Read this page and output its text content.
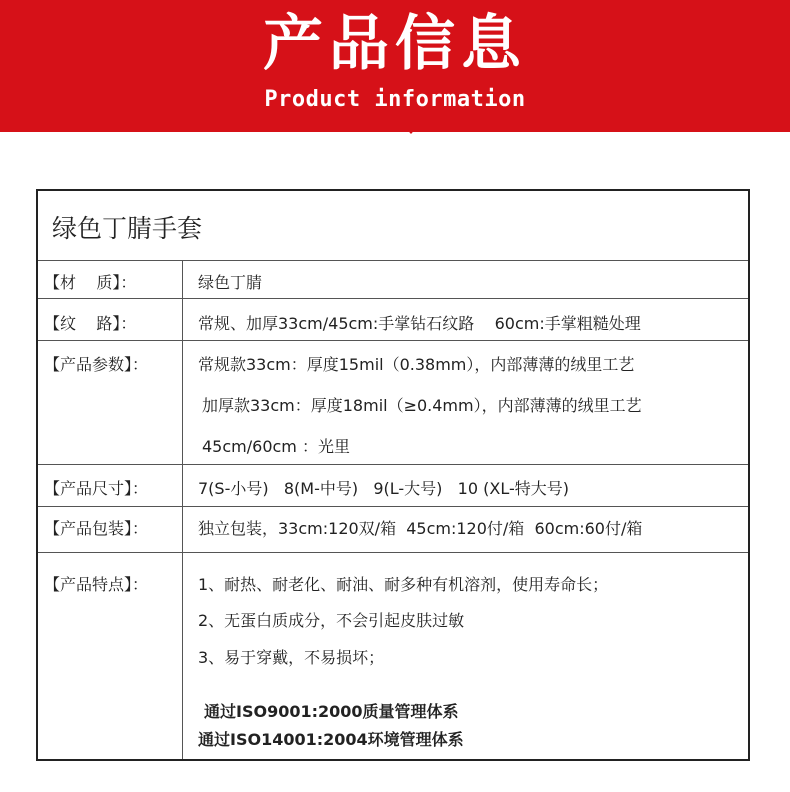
产品信息
Product information
绿色丁腈手套
【材    质】：	绿色丁腈
【纹    路】：	常规、加厚33cm/45cm:手掌钻石纹路    60cm:手掌粗糙处理
【产品参数】：	常规款33cm：厚度15mil（0.38mm），内部薄薄的绒里工艺
加厚款33cm：厚度18mil（≥0.4mm），内部薄薄的绒里工艺
45cm/60cm ：光里
【产品尺寸】：	7(S-小号)   8(M-中号)   9(L-大号)   10 (XL-特大号)
【产品包装】：	独立包装，33cm:120双/箱  45cm:120付/箱  60cm:60付/箱
【产品特点】：	1、耐热、耐老化、耐油、耐多种有机溶剂，使用寿命长；
2、无蛋白质成分，不会引起皮肤过敏
3、易于穿戴，不易损坏；
通过ISO9001:2000质量管理体系
通过ISO14001:2004环境管理体系
